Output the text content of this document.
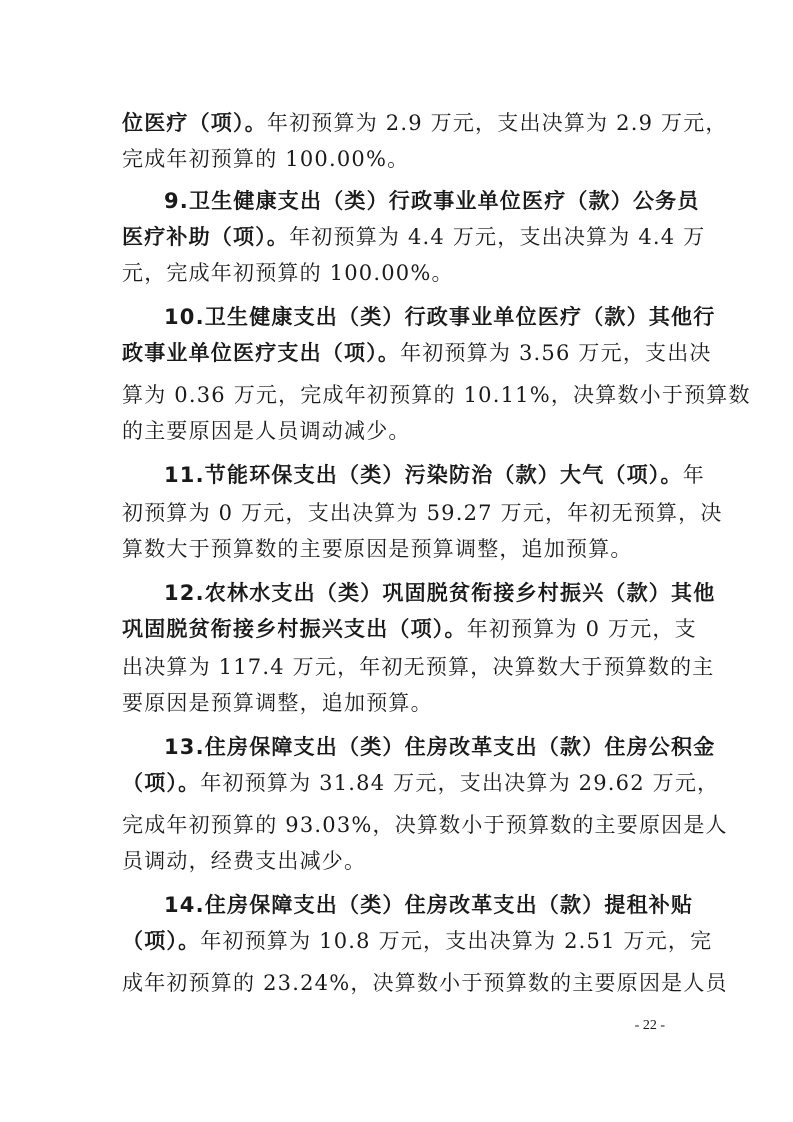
位医疗（项）。年初预算为 2.9 万元，支出决算为 2.9 万元，
完成年初预算的 100.00%。
9.卫生健康支出（类）行政事业单位医疗（款）公务员
医疗补助（项）。年初预算为 4.4 万元，支出决算为 4.4 万
元，完成年初预算的 100.00%。
10.卫生健康支出（类）行政事业单位医疗（款）其他行
政事业单位医疗支出（项）。年初预算为 3.56 万元，支出决
算为 0.36 万元，完成年初预算的 10.11%，决算数小于预算数
的主要原因是人员调动减少。
11.节能环保支出（类）污染防治（款）大气（项）。年
初预算为 0 万元，支出决算为 59.27 万元，年初无预算，决
算数大于预算数的主要原因是预算调整，追加预算。
12.农林水支出（类）巩固脱贫衔接乡村振兴（款）其他
巩固脱贫衔接乡村振兴支出（项）。年初预算为 0 万元，支
出决算为 117.4 万元，年初无预算，决算数大于预算数的主
要原因是预算调整，追加预算。
13.住房保障支出（类）住房改革支出（款）住房公积金
（项）。年初预算为 31.84 万元，支出决算为 29.62 万元，
完成年初预算的 93.03%，决算数小于预算数的主要原因是人
员调动，经费支出减少。
14.住房保障支出（类）住房改革支出（款）提租补贴
（项）。年初预算为 10.8 万元，支出决算为 2.51 万元，完
成年初预算的 23.24%，决算数小于预算数的主要原因是人员
- 22 -
